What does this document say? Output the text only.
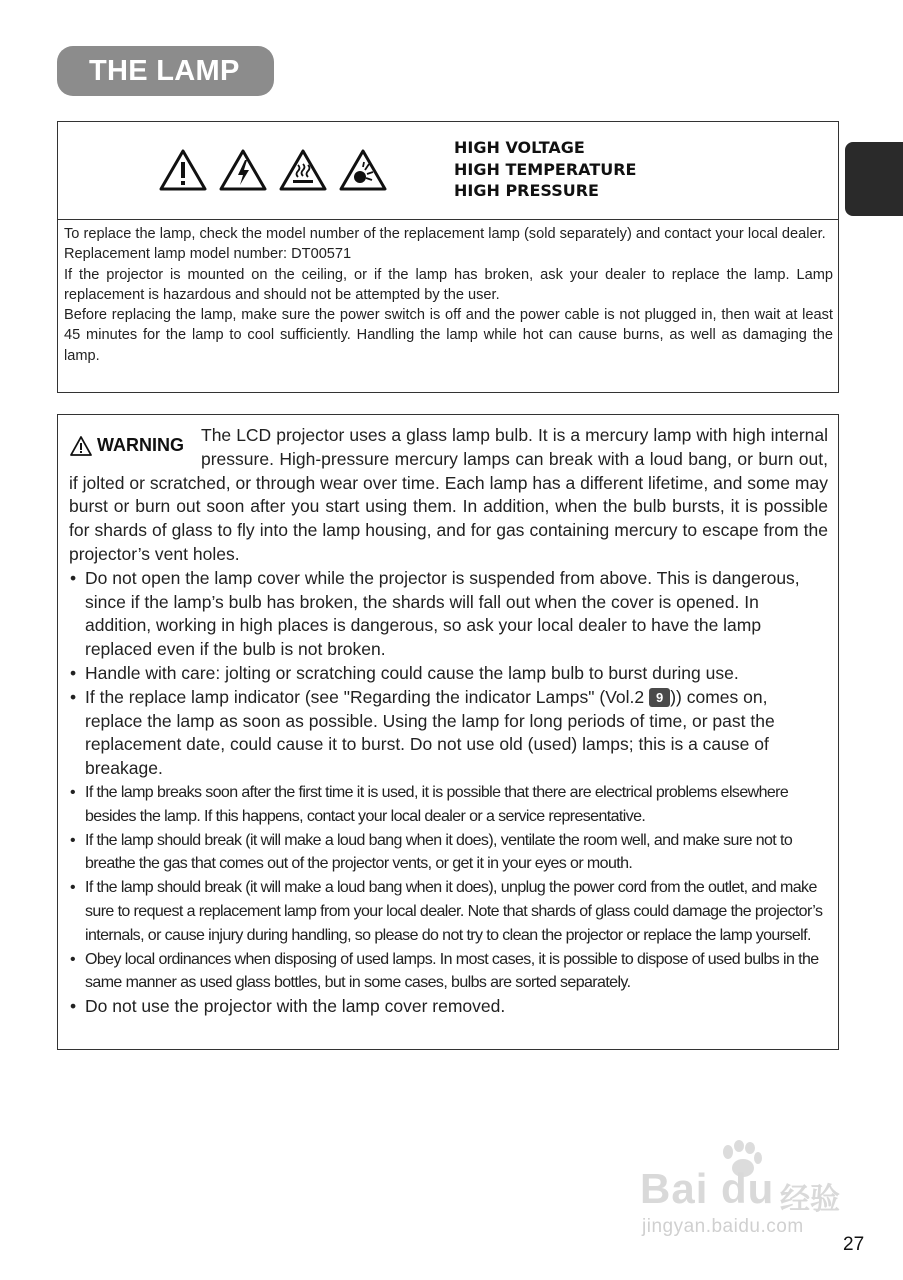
THE LAMP
HIGH VOLTAGE
HIGH TEMPERATURE
HIGH PRESSURE

To replace the lamp, check the model number of the replacement lamp (sold separately) and contact your local dealer.

Replacement lamp model number: DT00571

If the projector is mounted on the ceiling, or if the lamp has broken, ask your dealer to replace the lamp. Lamp replacement is hazardous and should not be attempted by the user.

Before replacing the lamp, make sure the power switch is off and the power cable is not plugged in, then wait at least 45 minutes for the lamp to cool sufficiently. Handling the lamp while hot can cause burns, as well as damaging the lamp.

WARNING
The LCD projector uses a glass lamp bulb. It is a mercury lamp with high internal pressure. High-pressure mercury lamps can break with a loud bang, or burn out, if jolted or scratched, or through wear over time. Each lamp has a different lifetime, and some may burst or burn out soon after you start using them. In addition, when the bulb bursts, it is possible for shards of glass to fly into the lamp housing, and for gas containing mercury to escape from the projector’s vent holes.

• Do not open the lamp cover while the projector is suspended from above. This is dangerous, since if the lamp’s bulb has broken, the shards will fall out when the cover is opened. In addition, working in high places is dangerous, so ask your local dealer to have the lamp replaced even if the bulb is not broken.
• Handle with care: jolting or scratching could cause the lamp bulb to burst during use.
• If the replace lamp indicator (see "Regarding the indicator Lamps" (Vol.2 9 )) comes on, replace the lamp as soon as possible. Using the lamp for long periods of time, or past the replacement date, could cause it to burst. Do not use old (used) lamps; this is a cause of breakage.
• If the lamp breaks soon after the first time it is used, it is possible that there are electrical problems elsewhere besides the lamp. If this happens, contact your local dealer or a service representative.
• If the lamp should break (it will make a loud bang when it does), ventilate the room well, and make sure not to breathe the gas that comes out of the projector vents, or get it in your eyes or mouth.
• If the lamp should break (it will make a loud bang when it does), unplug the power cord from the outlet, and make sure to request a replacement lamp from your local dealer. Note that shards of glass could damage the projector’s internals, or cause injury during handling, so please do not try to clean the projector or replace the lamp yourself.
• Obey local ordinances when disposing of used lamps. In most cases, it is possible to dispose of used bulbs in the same manner as used glass bottles, but in some cases, bulbs are sorted separately.
• Do not use the projector with the lamp cover removed.
Bai du 经验
jingyan.baidu.com
27
